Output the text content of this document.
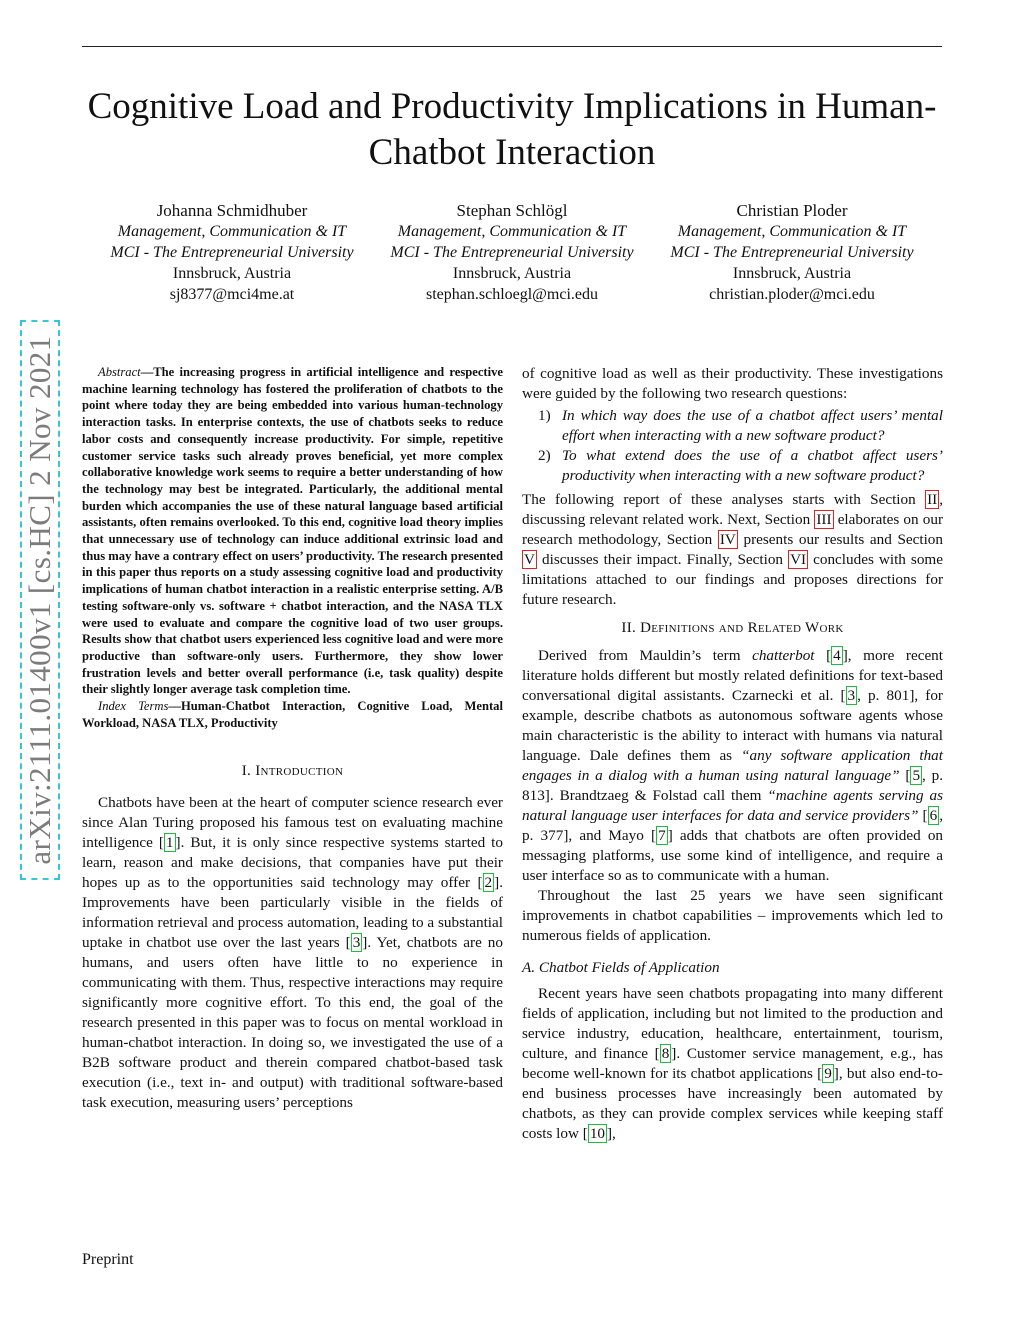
Cognitive Load and Productivity Implications in Human-Chatbot Interaction
Johanna Schmidhuber
Management, Communication & IT
MCI - The Entrepreneurial University
Innsbruck, Austria
sj8377@mci4me.at
Stephan Schlögl
Management, Communication & IT
MCI - The Entrepreneurial University
Innsbruck, Austria
stephan.schloegl@mci.edu
Christian Ploder
Management, Communication & IT
MCI - The Entrepreneurial University
Innsbruck, Austria
christian.ploder@mci.edu
arXiv:2111.01400v1 [cs.HC] 2 Nov 2021	Abstract—The increasing progress in artificial intelligence and respective machine learning technology has fostered the proliferation of chatbots to the point where today they are being embedded into various human-technology interaction tasks. In enterprise contexts, the use of chatbots seeks to reduce labor costs and consequently increase productivity. For simple, repetitive customer service tasks such already proves beneficial, yet more complex collaborative knowledge work seems to require a better understanding of how the technology may best be integrated. Particularly, the additional mental burden which accompanies the use of these natural language based artificial assistants, often remains overlooked. To this end, cognitive load theory implies that unnecessary use of technology can induce additional extrinsic load and thus may have a contrary effect on users’ productivity. The research presented in this paper thus reports on a study assessing cognitive load and productivity implications of human chatbot interaction in a realistic enterprise setting. A/B testing software-only vs. software + chatbot interaction, and the NASA TLX were used to evaluate and compare the cognitive load of two user groups. Results show that chatbot users experienced less cognitive load and were more productive than software-only users. Furthermore, they show lower frustration levels and better overall performance (i.e, task quality) despite their slightly longer average task completion time.

Index Terms—Human-Chatbot Interaction, Cognitive Load, Mental Workload, NASA TLX, Productivity

I. Introduction

Chatbots have been at the heart of computer science research ever since Alan Turing proposed his famous test on evaluating machine intelligence [ 1 ]. But, it is only since respective systems started to learn, reason and make decisions, that companies have put their hopes up as to the opportunities said technology may offer [ 2 ]. Improvements have been particularly visible in the fields of information retrieval and process automation, leading to a substantial uptake in chatbot use over the last years [ 3 ]. Yet, chatbots are no humans, and users often have little to no experience in communicating with them. Thus, respective interactions may require significantly more cognitive effort. To this end, the goal of the research presented in this paper was to focus on mental workload in human-chatbot interaction. In doing so, we investigated the use of a B2B software product and therein compared chatbot-based task execution (i.e., text in- and output) with traditional software-based task execution, measuring users’ perceptions

of cognitive load as well as their productivity. These investigations were guided by the following two research questions:

1) In which way does the use of a chatbot affect users’ mental effort when interacting with a new software product?
2) To what extend does the use of a chatbot affect users’ productivity when interacting with a new software product?

The following report of these analyses starts with Section II , discussing relevant related work. Next, Section III elaborates on our research methodology, Section IV presents our results and Section V discusses their impact. Finally, Section VI concludes with some limitations attached to our findings and proposes directions for future research.

II. Definitions and Related Work

Derived from Mauldin’s term chatterbot [ 4 ], more recent literature holds different but mostly related definitions for text-based conversational digital assistants. Czarnecki et al. [ 3 , p. 801], for example, describe chatbots as autonomous software agents whose main characteristic is the ability to interact with humans via natural language. Dale defines them as “any software application that engages in a dialog with a human using natural language” [ 5 , p. 813]. Brandtzaeg & Folstad call them “machine agents serving as natural language user interfaces for data and service providers” [ 6 , p. 377], and Mayo [ 7 ] adds that chatbots are often provided on messaging platforms, use some kind of intelligence, and require a user interface so as to communicate with a human.

Throughout the last 25 years we have seen significant improvements in chatbot capabilities – improvements which led to numerous fields of application.

A. Chatbot Fields of Application

Recent years have seen chatbots propagating into many different fields of application, including but not limited to the production and service industry, education, healthcare, entertainment, tourism, culture, and finance [ 8 ]. Customer service management, e.g., has become well-known for its chatbot applications [ 9 ], but also end-to-end business processes have increasingly been automated by chatbots, as they can provide complex services while keeping staff costs low [ 10 ],

Preprint
